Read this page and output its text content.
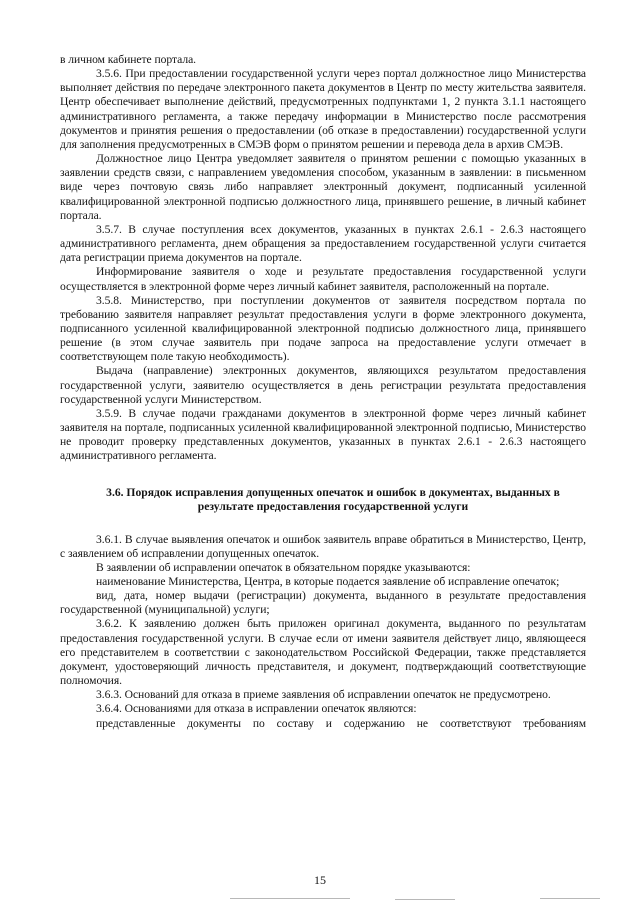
в личном кабинете портала.

3.5.6. При предоставлении государственной услуги через портал должностное лицо Министерства выполняет действия по передаче электронного пакета документов в Центр по месту жительства заявителя. Центр обеспечивает выполнение действий, предусмотренных подпунктами 1, 2 пункта 3.1.1 настоящего административного регламента, а также передачу информации в Министерство после рассмотрения документов и принятия решения о предоставлении (об отказе в предоставлении) государственной услуги для заполнения предусмотренных в СМЭВ форм о принятом решении и перевода дела в архив СМЭВ.

Должностное лицо Центра уведомляет заявителя о принятом решении с помощью указанных в заявлении средств связи, с направлением уведомления способом, указанным в заявлении: в письменном виде через почтовую связь либо направляет электронный документ, подписанный усиленной квалифицированной электронной подписью должностного лица, принявшего решение, в личный кабинет портала.

3.5.7. В случае поступления всех документов, указанных в пунктах 2.6.1 - 2.6.3 настоящего административного регламента, днем обращения за предоставлением государственной услуги считается дата регистрации приема документов на портале.

Информирование заявителя о ходе и результате предоставления государственной услуги осуществляется в электронной форме через личный кабинет заявителя, расположенный на портале.

3.5.8. Министерство, при поступлении документов от заявителя посредством портала по требованию заявителя направляет результат предоставления услуги в форме электронного документа, подписанного усиленной квалифицированной электронной подписью должностного лица, принявшего решение (в этом случае заявитель при подаче запроса на предоставление услуги отмечает в соответствующем поле такую необходимость).

Выдача (направление) электронных документов, являющихся результатом предоставления государственной услуги, заявителю осуществляется в день регистрации результата предоставления государственной услуги Министерством.

3.5.9. В случае подачи гражданами документов в электронной форме через личный кабинет заявителя на портале, подписанных усиленной квалифицированной электронной подписью, Министерство не проводит проверку представленных документов, указанных в пунктах 2.6.1 - 2.6.3 настоящего административного регламента.

3.6. Порядок исправления допущенных опечаток и ошибок в документах, выданных в результате предоставления государственной услуги

3.6.1. В случае выявления опечаток и ошибок заявитель вправе обратиться в Министерство, Центр, с заявлением об исправлении допущенных опечаток.

В заявлении об исправлении опечаток в обязательном порядке указываются:

наименование Министерства, Центра, в которые подается заявление об исправление опечаток;

вид, дата, номер выдачи (регистрации) документа, выданного в результате предоставления государственной (муниципальной) услуги;

3.6.2. К заявлению должен быть приложен оригинал документа, выданного по результатам предоставления государственной услуги. В случае если от имени заявителя действует лицо, являющееся его представителем в соответствии с законодательством Российской Федерации, также представляется документ, удостоверяющий личность представителя, и документ, подтверждающий соответствующие полномочия.

3.6.3. Оснований для отказа в приеме заявления об исправлении опечаток не предусмотрено.

3.6.4. Основаниями для отказа в исправлении опечаток являются:

представленные документы по составу и содержанию не соответствуют требованиям

15
